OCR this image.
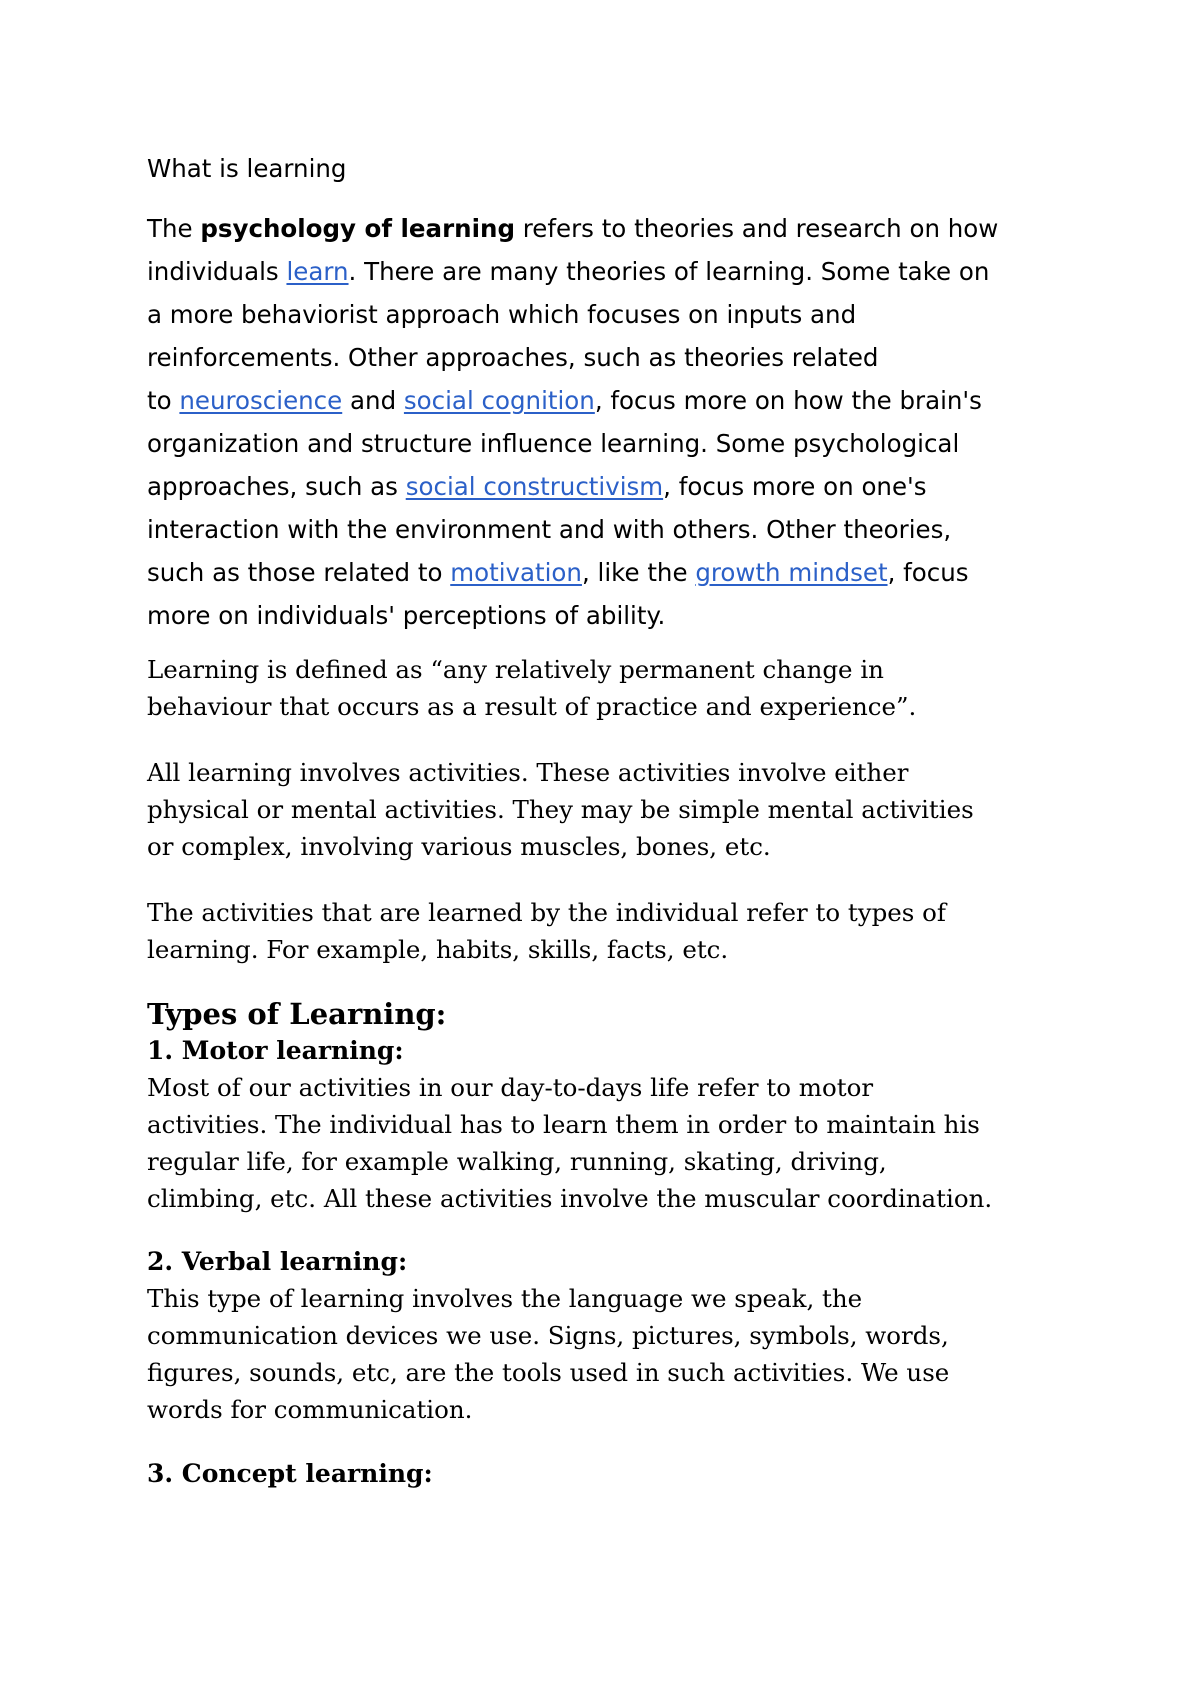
What is learning

The psychology of learning refers to theories and research on how
individuals learn. There are many theories of learning. Some take on
a more behaviorist approach which focuses on inputs and
reinforcements. Other approaches, such as theories related
to neuroscience and social cognition, focus more on how the brain's
organization and structure influence learning. Some psychological
approaches, such as social constructivism, focus more on one's
interaction with the environment and with others. Other theories,
such as those related to motivation, like the growth mindset, focus
more on individuals' perceptions of ability.
Learning is defined as “any relatively permanent change in
behaviour that occurs as a result of practice and experience”.
All learning involves activities. These activities involve either
physical or mental activities. They may be simple mental activities
or complex, involving various muscles, bones, etc.
The activities that are learned by the individual refer to types of
learning. For example, habits, skills, facts, etc.
Types of Learning:
1. Motor learning:
Most of our activities in our day-to-days life refer to motor
activities. The individual has to learn them in order to maintain his
regular life, for example walking, running, skating, driving,
climbing, etc. All these activities involve the muscular coordination.
2. Verbal learning:
This type of learning involves the language we speak, the
communication devices we use. Signs, pictures, symbols, words,
figures, sounds, etc, are the tools used in such activities. We use
words for communication.
3. Concept learning:
